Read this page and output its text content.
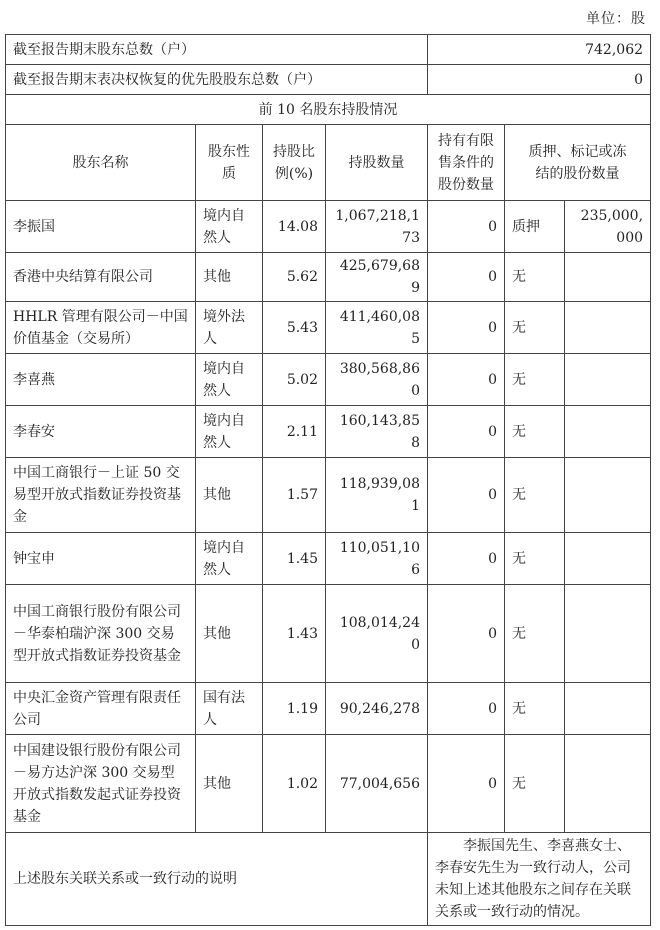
单位：股
截至报告期末股东总数（户）				742,062		
截至报告期末表决权恢复的优先股股东总数（户）				0		
前 10 名股东持股情况						
股东名称	股东性质	持股比例(%)	持股数量	持有有限售条件的股份数量	质押、标记或冻结的股份数量	
李振国	境内自然人	14.08	1,067,218,173	0	质押	235,000,000
香港中央结算有限公司	其他	5.62	425,679,689	0	无	
HHLR 管理有限公司－中国价值基金（交易所）	境外法人	5.43	411,460,085	0	无	
李喜燕	境内自然人	5.02	380,568,860	0	无	
李春安	境内自然人	2.11	160,143,858	0	无	
中国工商银行－上证 50 交易型开放式指数证券投资基金	其他	1.57	118,939,081	0	无	
钟宝申	境内自然人	1.45	110,051,106	0	无	
中国工商银行股份有限公司－华泰柏瑞沪深 300 交易型开放式指数证券投资基金	其他	1.43	108,014,240	0	无	
中央汇金资产管理有限责任公司	国有法人	1.19	90,246,278	0	无	
中国建设银行股份有限公司－易方达沪深 300 交易型开放式指数发起式证券投资基金	其他	1.02	77,004,656	0	无	
上述股东关联关系或一致行动的说明				李振国先生、李喜燕女士、李春安先生为一致行动人，公司未知上述其他股东之间存在关联关系或一致行动的情况。		
